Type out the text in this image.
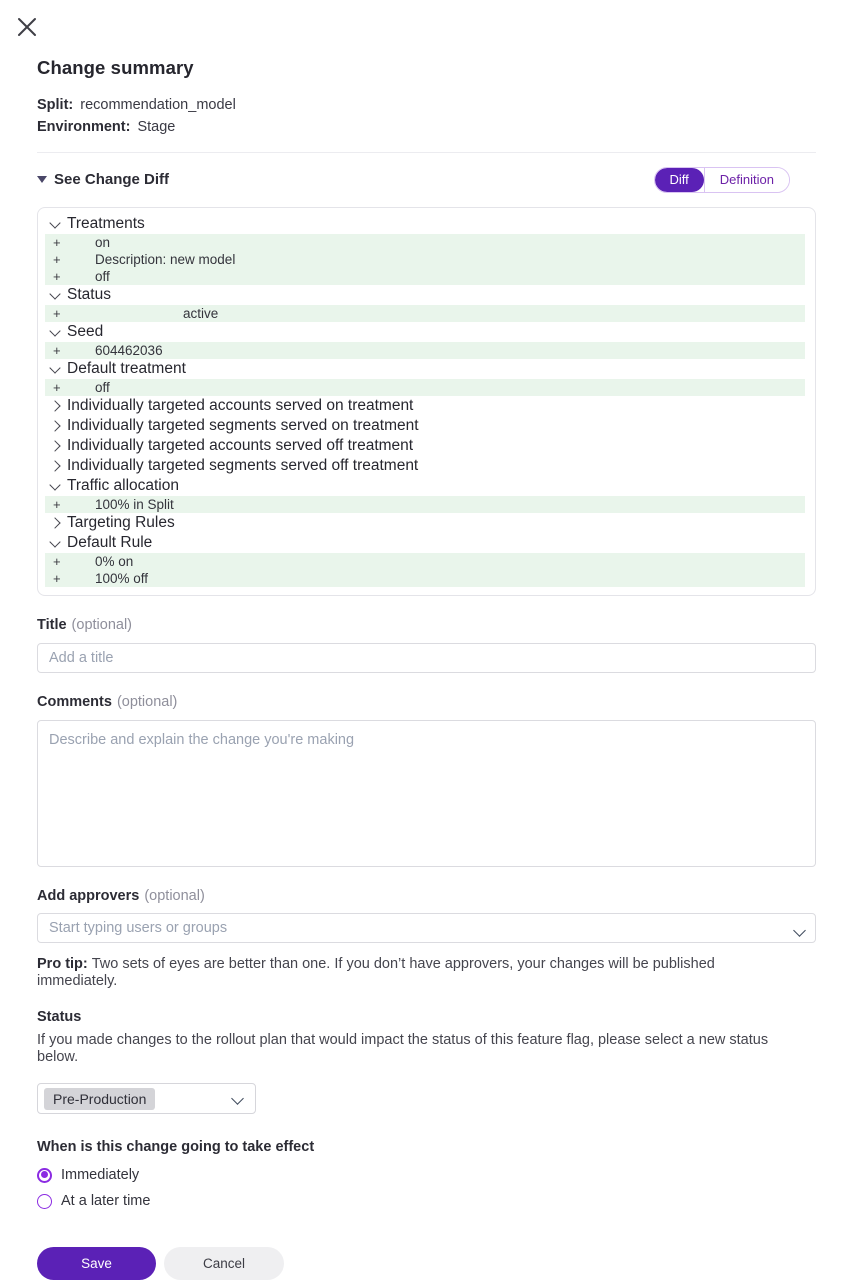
Change summary
Split: recommendation_model
Environment: Stage
See Change Diff	Diff	Definition
Treatments
+	on
+	Description: new model
+	off
Status
+	active
Seed
+	604462036
Default treatment
+	off
Individually targeted accounts served on treatment
Individually targeted segments served on treatment
Individually targeted accounts served off treatment
Individually targeted segments served off treatment
Traffic allocation
+	100% in Split
Targeting Rules
Default Rule
+	0% on
+	100% off
Title (optional)
Add a title
Comments (optional)
Describe and explain the change you're making
Add approvers (optional)
Start typing users or groups

Pro tip: Two sets of eyes are better than one. If you don’t have approvers, your changes will be published immediately.

Status

If you made changes to the rollout plan that would impact the status of this feature flag, please select a new status below.

Pre-Production
When is this change going to take effect
Immediately
At a later time
Save	Cancel
